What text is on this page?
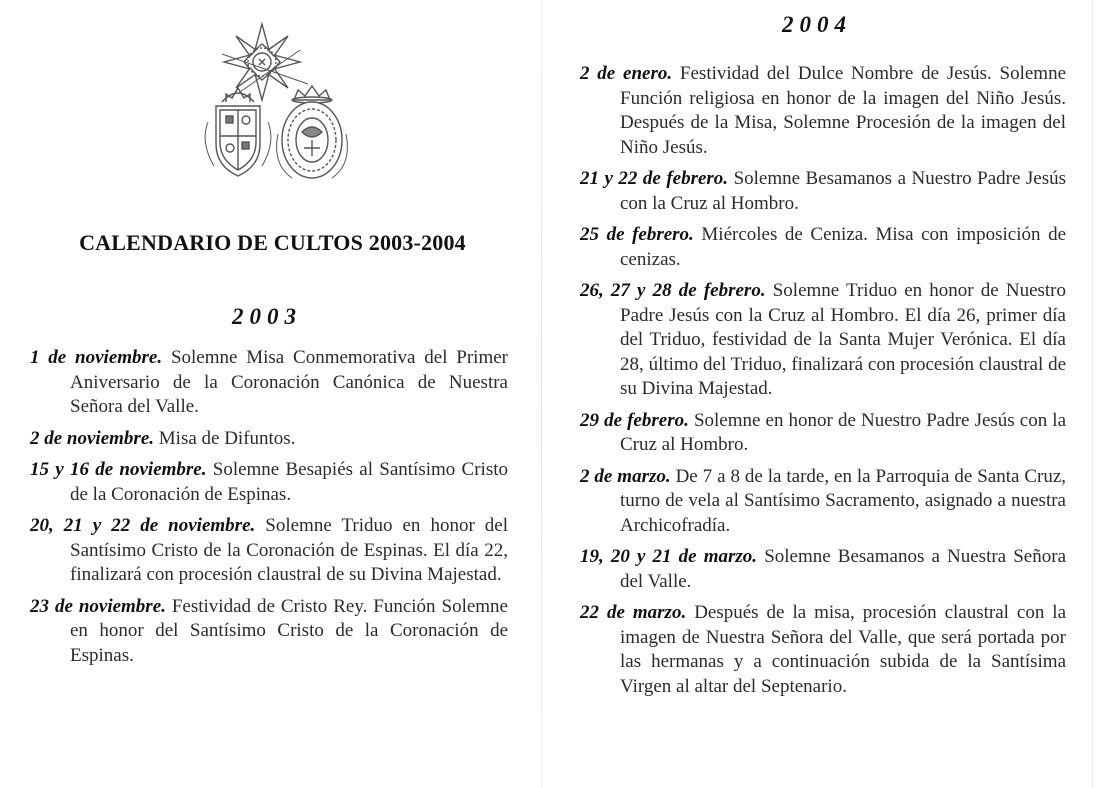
CALENDARIO DE CULTOS 2003-2004
2003
1 de noviembre. Solemne Misa Conmemorativa del Primer Aniversario de la Coronación Canónica de Nuestra Señora del Valle.
2 de noviembre. Misa de Difuntos.
15 y 16 de noviembre. Solemne Besapiés al Santísimo Cristo de la Coronación de Espinas.
20, 21 y 22 de noviembre. Solemne Triduo en honor del Santísimo Cristo de la Coronación de Espinas. El día 22, finalizará con procesión claustral de su Divina Majestad.
23 de noviembre. Festividad de Cristo Rey. Función Solemne en honor del Santísimo Cristo de la Coronación de Espinas.
2004
2 de enero. Festividad del Dulce Nombre de Jesús. Solemne Función religiosa en honor de la imagen del Niño Jesús. Después de la Misa, Solemne Procesión de la imagen del Niño Jesús.
21 y 22 de febrero. Solemne Besamanos a Nuestro Padre Jesús con la Cruz al Hombro.
25 de febrero. Miércoles de Ceniza. Misa con imposición de cenizas.
26, 27 y 28 de febrero. Solemne Triduo en honor de Nuestro Padre Jesús con la Cruz al Hombro. El día 26, primer día del Triduo, festividad de la Santa Mujer Verónica. El día 28, último del Triduo, finalizará con procesión claustral de su Divina Majestad.
29 de febrero. Solemne en honor de Nuestro Padre Jesús con la Cruz al Hombro.
2 de marzo. De 7 a 8 de la tarde, en la Parroquia de Santa Cruz, turno de vela al Santísimo Sacramento, asignado a nuestra Archicofradía.
19, 20 y 21 de marzo. Solemne Besamanos a Nuestra Señora del Valle.
22 de marzo. Después de la misa, procesión claustral con la imagen de Nuestra Señora del Valle, que será portada por las hermanas y a continuación subida de la Santísima Virgen al altar del Septenario.
